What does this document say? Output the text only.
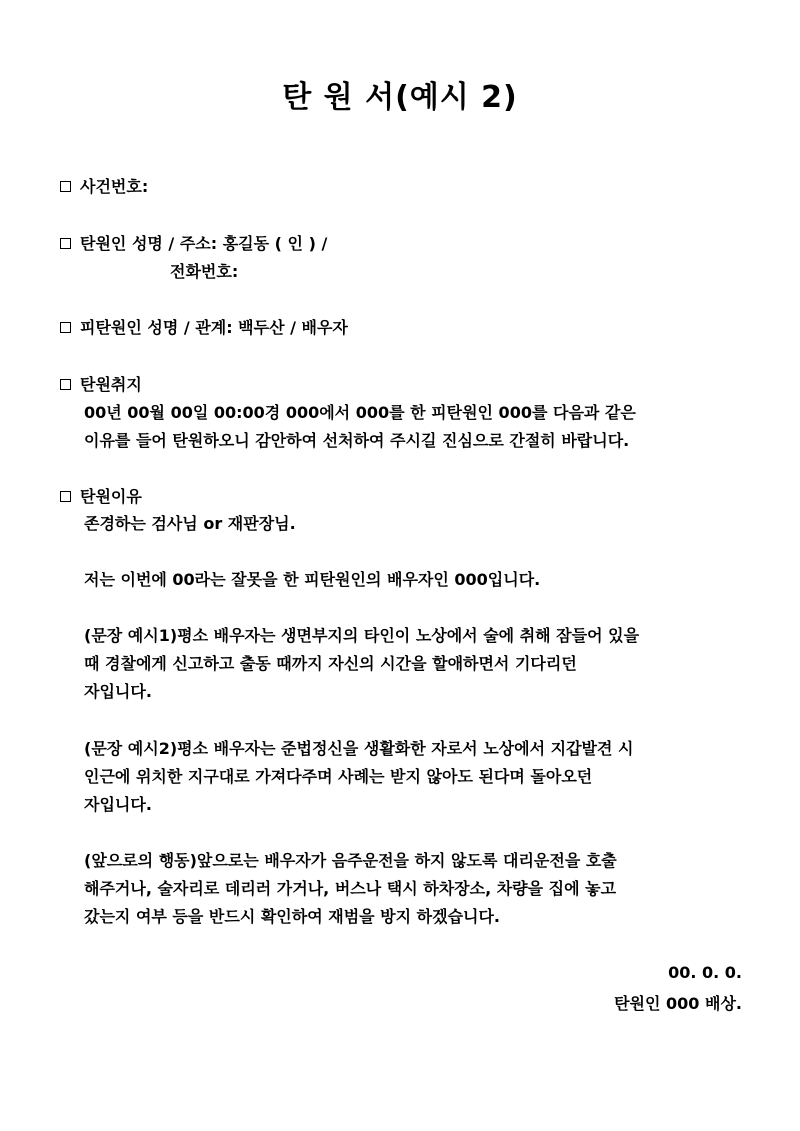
탄 원 서(예시 2)
사건번호:
탄원인 성명 / 주소: 홍길동 ( 인 ) /
전화번호:
피탄원인 성명 / 관계: 백두산 / 배우자
탄원취지
00년 00월 00일 00:00경 000에서 000를 한 피탄원인 000를 다음과 같은
이유를 들어 탄원하오니 감안하여 선처하여 주시길 진심으로 간절히 바랍니다.
탄원이유
존경하는 검사님 or 재판장님.
저는 이번에 00라는 잘못을 한 피탄원인의 배우자인 000입니다.
(문장 예시1)평소 배우자는 생면부지의 타인이 노상에서 술에 취해 잠들어 있을
때 경찰에게 신고하고 출동 때까지 자신의 시간을 할애하면서 기다리던
자입니다.
(문장 예시2)평소 배우자는 준법정신을 생활화한 자로서 노상에서 지갑발견 시
인근에 위치한 지구대로 가져다주며 사례는 받지 않아도 된다며 돌아오던
자입니다.
(앞으로의 행동)앞으로는 배우자가 음주운전을 하지 않도록 대리운전을 호출
해주거나, 술자리로 데리러 가거나, 버스나 택시 하차장소, 차량을 집에 놓고
갔는지 여부 등을 반드시 확인하여 재범을 방지 하겠습니다.
00. 0. 0.
탄원인 000 배상.
